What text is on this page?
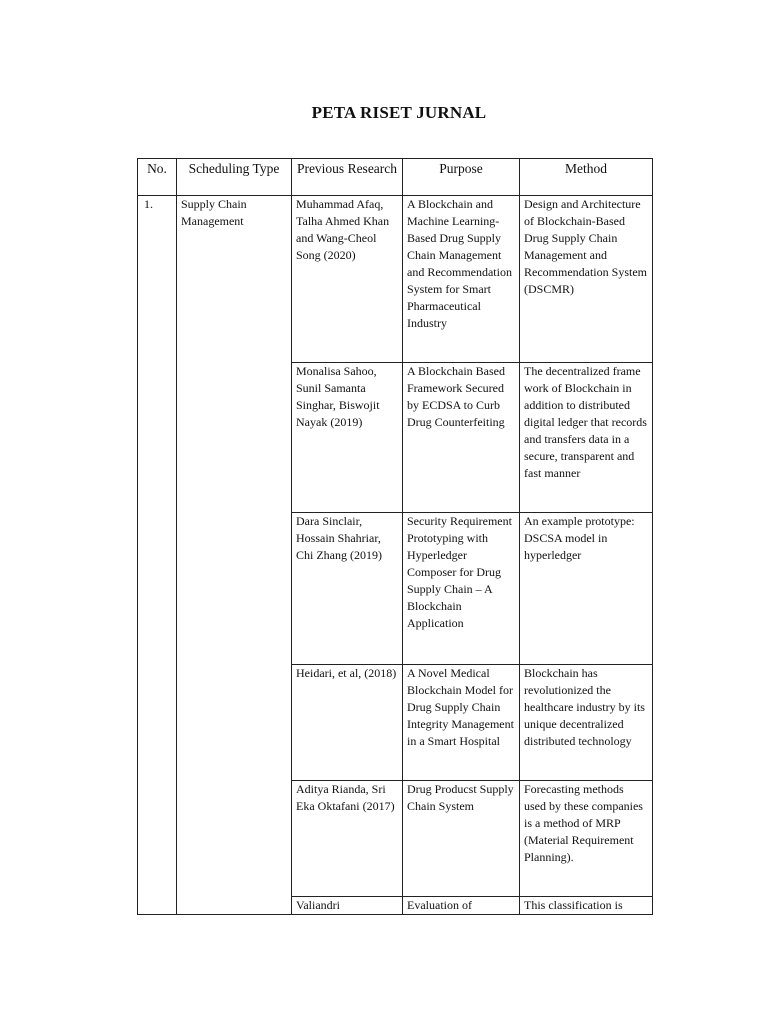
PETA RISET JURNAL
No.	Scheduling Type	Previous Research	Purpose	Method
1.	Supply Chain Management	Muhammad Afaq, Talha Ahmed Khan and Wang-Cheol Song (2020)	A Blockchain and Machine Learning-Based Drug Supply Chain Management and Recommendation System for Smart Pharmaceutical Industry	Design and Architecture of Blockchain-Based Drug Supply Chain Management and Recommendation System (DSCMR)
		Monalisa Sahoo, Sunil Samanta Singhar, Biswojit Nayak (2019)	A Blockchain Based Framework Secured by ECDSA to Curb Drug Counterfeiting	The decentralized frame work of Blockchain in addition to distributed digital ledger that records and transfers data in a secure, transparent and fast manner
		Dara Sinclair, Hossain Shahriar, Chi Zhang (2019)	Security Requirement Prototyping with Hyperledger Composer for Drug Supply Chain – A Blockchain Application	An example prototype: DSCSA model in hyperledger
		Heidari, et al, (2018)	A Novel Medical Blockchain Model for Drug Supply Chain Integrity Management in a Smart Hospital	Blockchain has revolutionized the healthcare industry by its unique decentralized distributed technology
		Aditya Rianda, Sri Eka Oktafani (2017)	Drug Producst Supply Chain System	Forecasting methods used by these companies is a method of MRP (Material Requirement Planning).
		Valiandri	Evaluation of	This classification is
